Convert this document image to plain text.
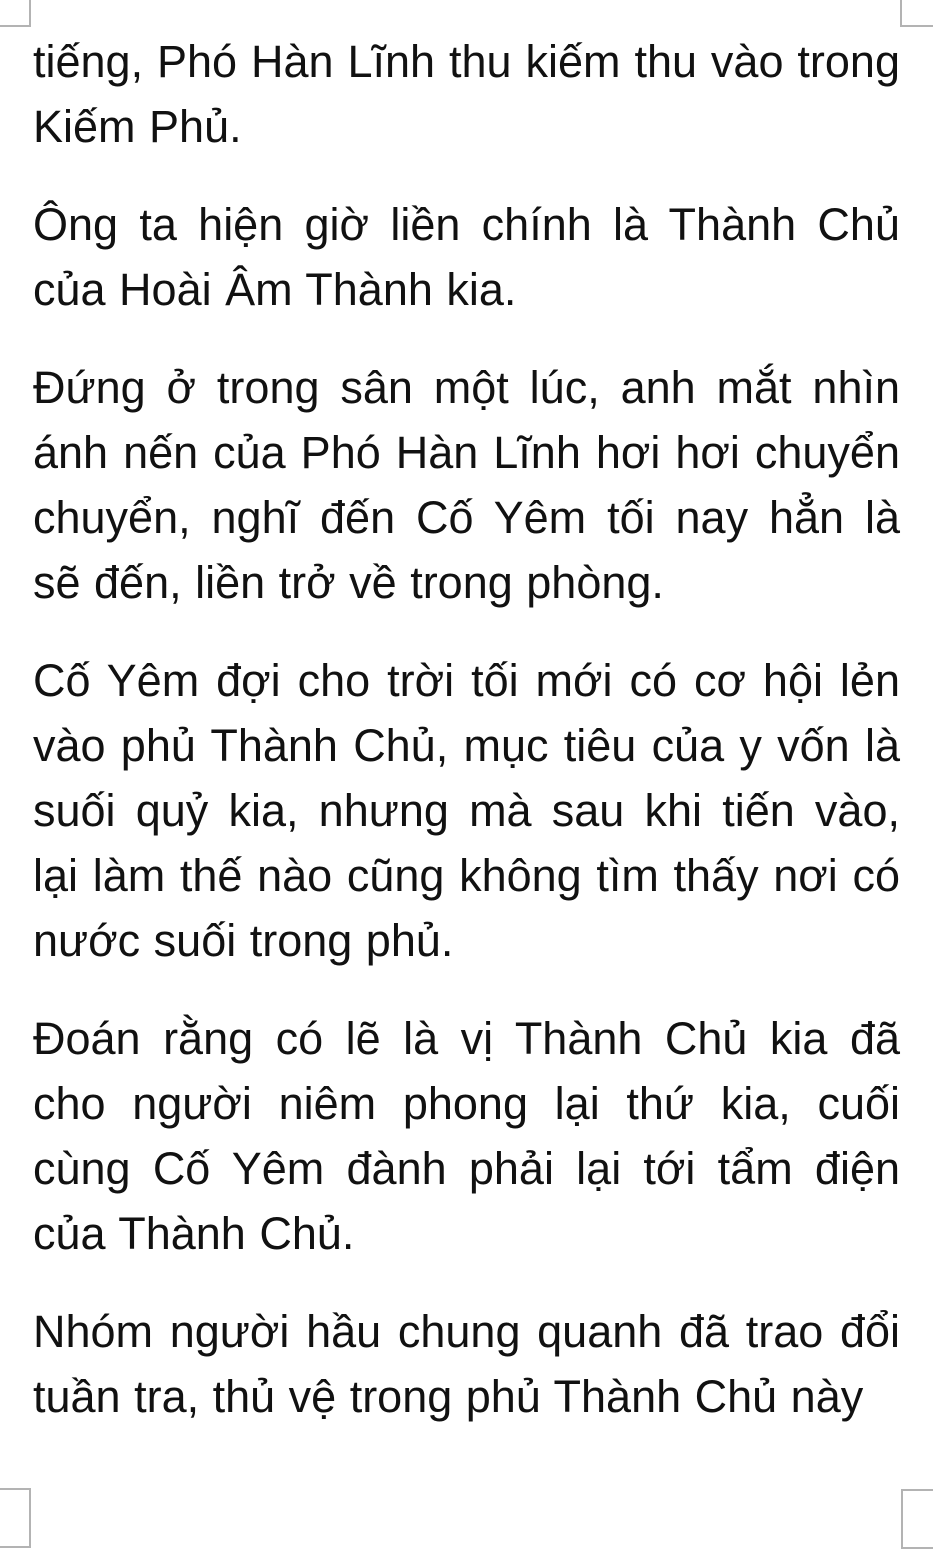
tiếng, Phó Hàn Lĩnh thu kiếm thu vào trong Kiếm Phủ.

Ông ta hiện giờ liền chính là Thành Chủ của Hoài Âm Thành kia.

Đứng ở trong sân một lúc, anh mắt nhìn ánh nến của Phó Hàn Lĩnh hơi hơi chuyển chuyển, nghĩ đến Cố Yêm tối nay hẳn là sẽ đến, liền trở về trong phòng.

Cố Yêm đợi cho trời tối mới có cơ hội lẻn vào phủ Thành Chủ, mục tiêu của y vốn là suối quỷ kia, nhưng mà sau khi tiến vào, lại làm thế nào cũng không tìm thấy nơi có nước suối trong phủ.

Đoán rằng có lẽ là vị Thành Chủ kia đã cho người niêm phong lại thứ kia, cuối cùng Cố Yêm đành phải lại tới tẩm điện của Thành Chủ.

Nhóm người hầu chung quanh đã trao đổi tuần tra, thủ vệ trong phủ Thành Chủ này
